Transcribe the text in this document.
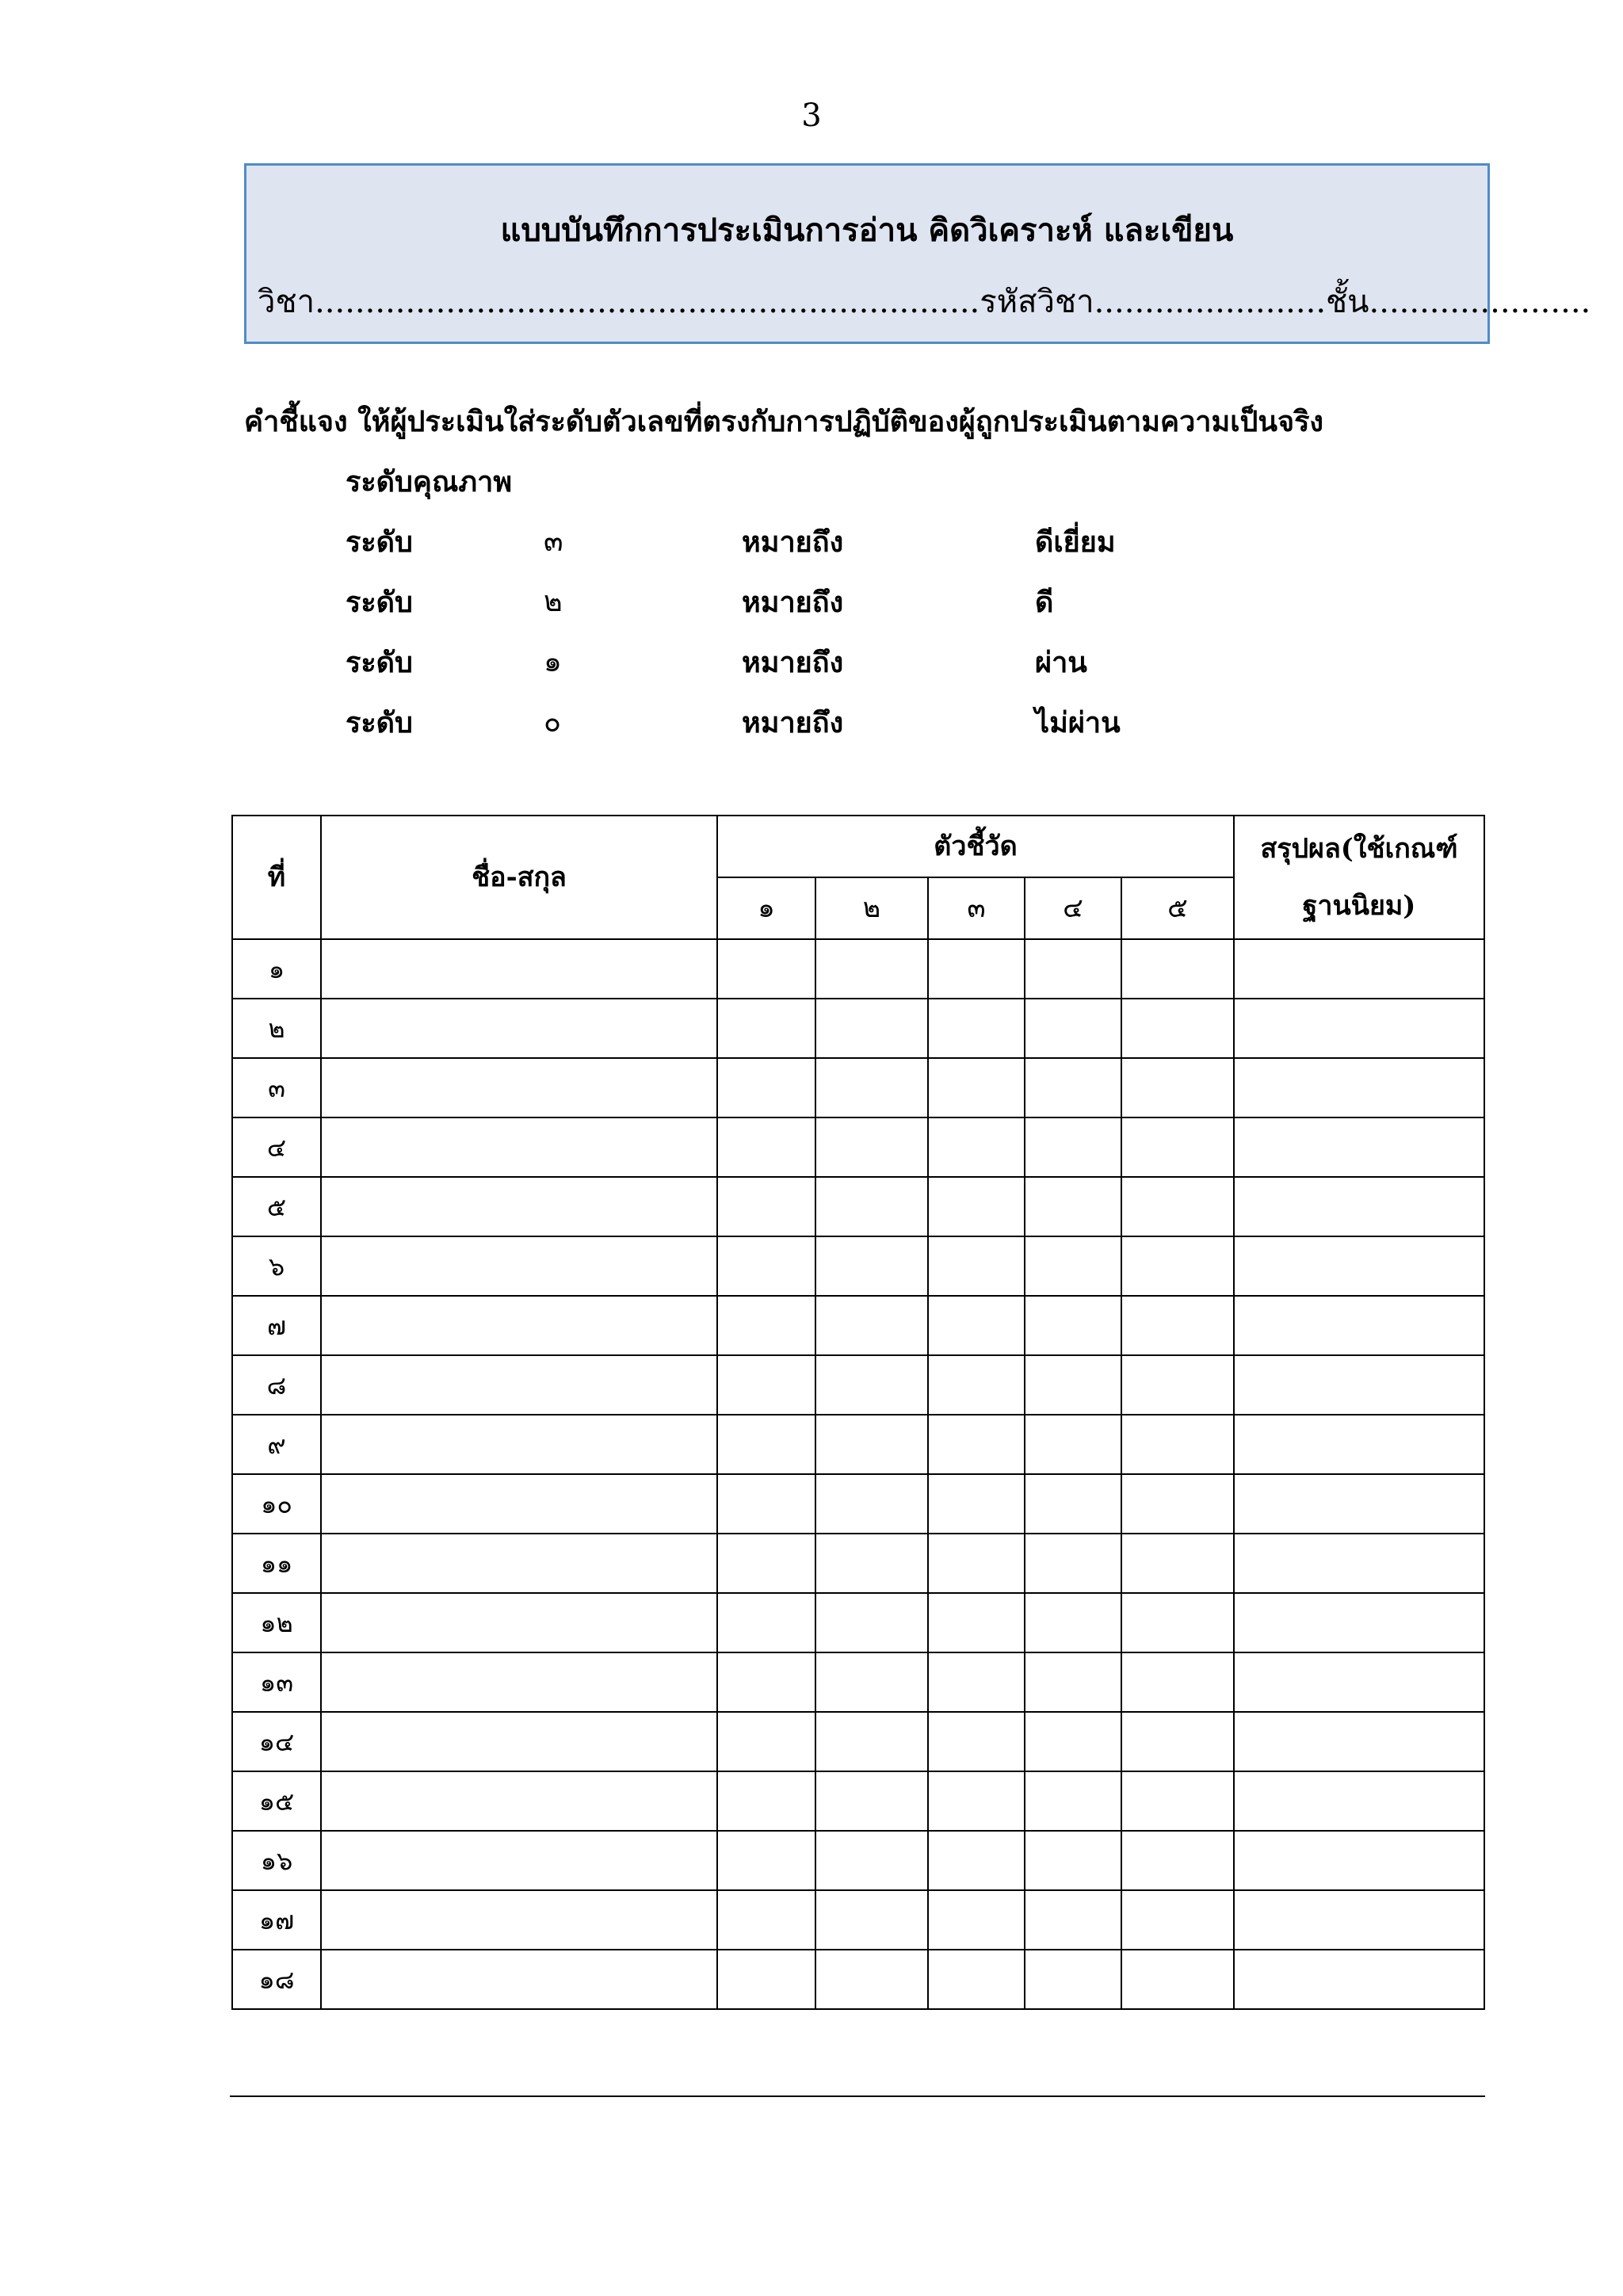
3
แบบบันทึกการประเมินการอ่าน คิดวิเคราะห์ และเขียน
วิชา..................................................................รหัสวิชา.......................ชั้น......................
คำชี้แจง ให้ผู้ประเมินใส่ระดับตัวเลขที่ตรงกับการปฏิบัติของผู้ถูกประเมินตามความเป็นจริง
ระดับคุณภาพ
ระดับ	๓	หมายถึง	ดีเยี่ยม
ระดับ	๒	หมายถึง	ดี
ระดับ	๑	หมายถึง	ผ่าน
ระดับ	๐	หมายถึง	ไม่ผ่าน
ที่	ชื่อ-สกุล	ตัวชี้วัด					สรุปผล(ใช้เกณฑ์
ฐานนิยม)

		๑	๒	๓	๔	๕	
๑							
๒							
๓							
๔							
๕							
๖							
๗							
๘							
๙							
๑๐							
๑๑							
๑๒							
๑๓							
๑๔							
๑๕							
๑๖							
๑๗							
๑๘							
